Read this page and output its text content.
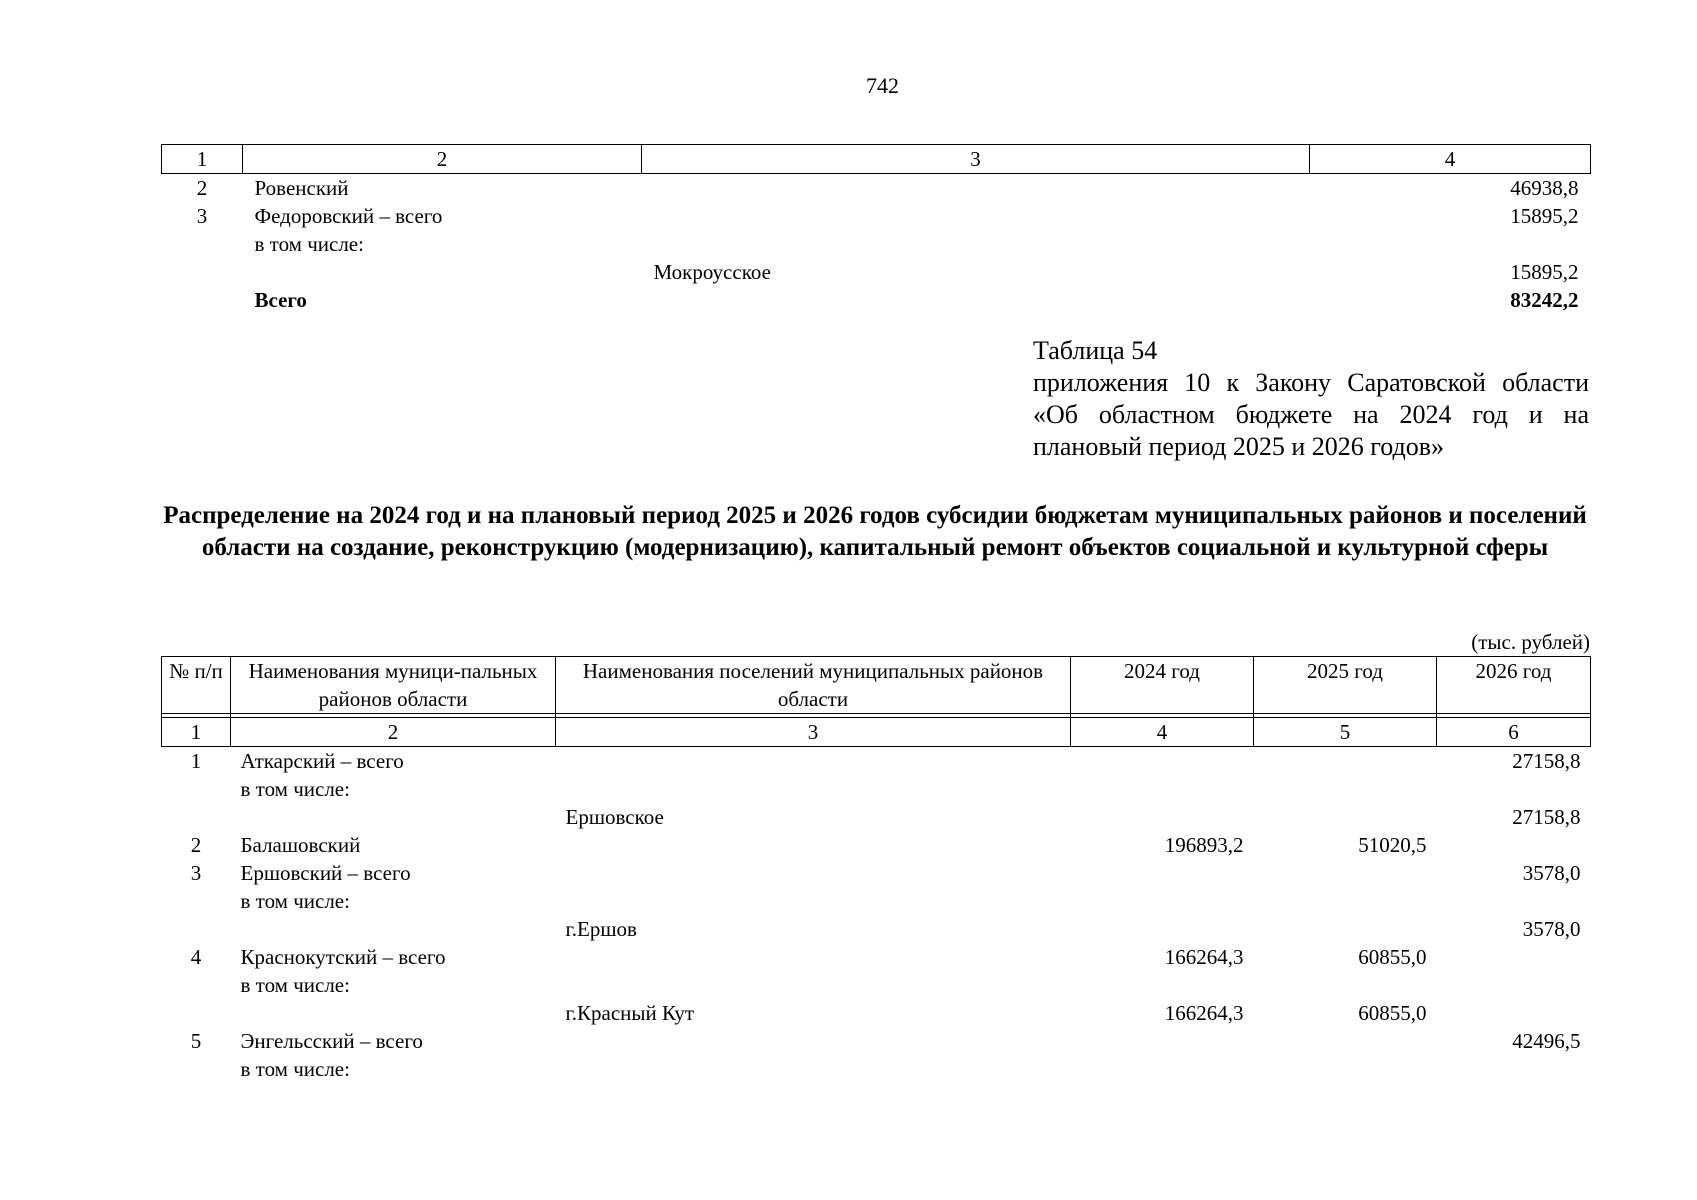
742
1	2	3	4
2	Ровенский		46938,8
3	Федоровский – всего		15895,2
	в том числе:		
		Мокроусское	15895,2
	Всего		83242,2
Таблица 54
приложения 10 к Закону Саратовской области «Об областном бюджете на 2024 год и на плановый период 2025 и 2026 годов»
Распределение на 2024 год и на плановый период 2025 и 2026 годов субсидии бюджетам муниципальных районов и поселений области на создание, реконструкцию (модернизацию), капитальный ремонт объектов социальной и культурной сферы
(тыс. рублей)
№ п/п	Наименования муници-пальных районов области	Наименования поселений муниципальных районов области	2024 год	2025 год	2026 год

1	2	3	4	5	6
1	Аткарский – всего				27158,8
	в том числе:				
		Ершовское			27158,8
2	Балашовский		196893,2	51020,5	
3	Ершовский – всего				3578,0
	в том числе:				
		г.Ершов			3578,0
4	Краснокутский – всего		166264,3	60855,0	
	в том числе:				
		г.Красный Кут	166264,3	60855,0	
5	Энгельсский – всего				42496,5
	в том числе:				
